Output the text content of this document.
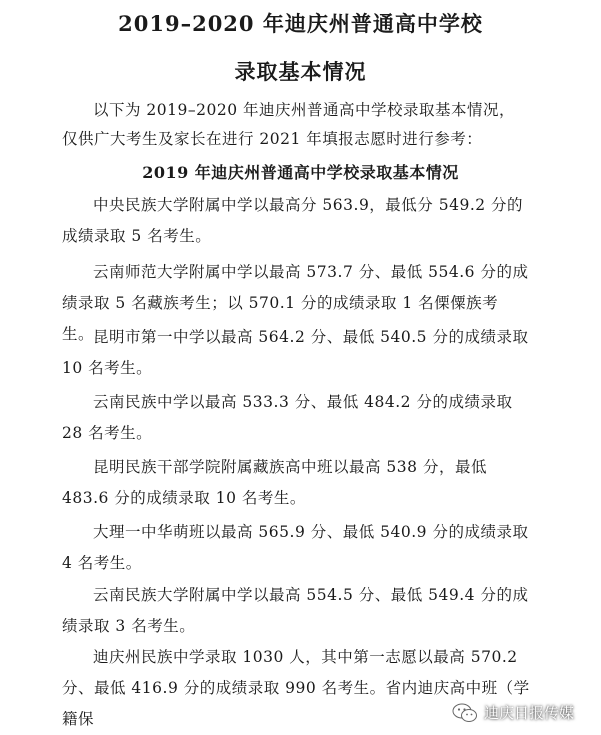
2019–2020 年迪庆州普通高中学校
录取基本情况
以下为 2019–2020 年迪庆州普通高中学校录取基本情况，仅供广大考生及家长在进行 2021 年填报志愿时进行参考：
2019 年迪庆州普通高中学校录取基本情况
中央民族大学附属中学以最高分 563.9，最低分 549.2 分的成绩录取 5 名考生。
云南师范大学附属中学以最高 573.7 分、最低 554.6 分的成绩录取 5 名藏族考生；以 570.1 分的成绩录取 1 名傈僳族考生。
昆明市第一中学以最高 564.2 分、最低 540.5 分的成绩录取 10 名考生。
云南民族中学以最高 533.3 分、最低 484.2 分的成绩录取 28 名考生。
昆明民族干部学院附属藏族高中班以最高 538 分，最低 483.6 分的成绩录取 10 名考生。
大理一中华萌班以最高 565.9 分、最低 540.9 分的成绩录取 4 名考生。
云南民族大学附属中学以最高 554.5 分、最低 549.4 分的成绩录取 3 名考生。
迪庆州民族中学录取 1030 人，其中第一志愿以最高 570.2 分、最低 416.9 分的成绩录取 990 名考生。省内迪庆高中班（学籍保	迪庆日报传媒
